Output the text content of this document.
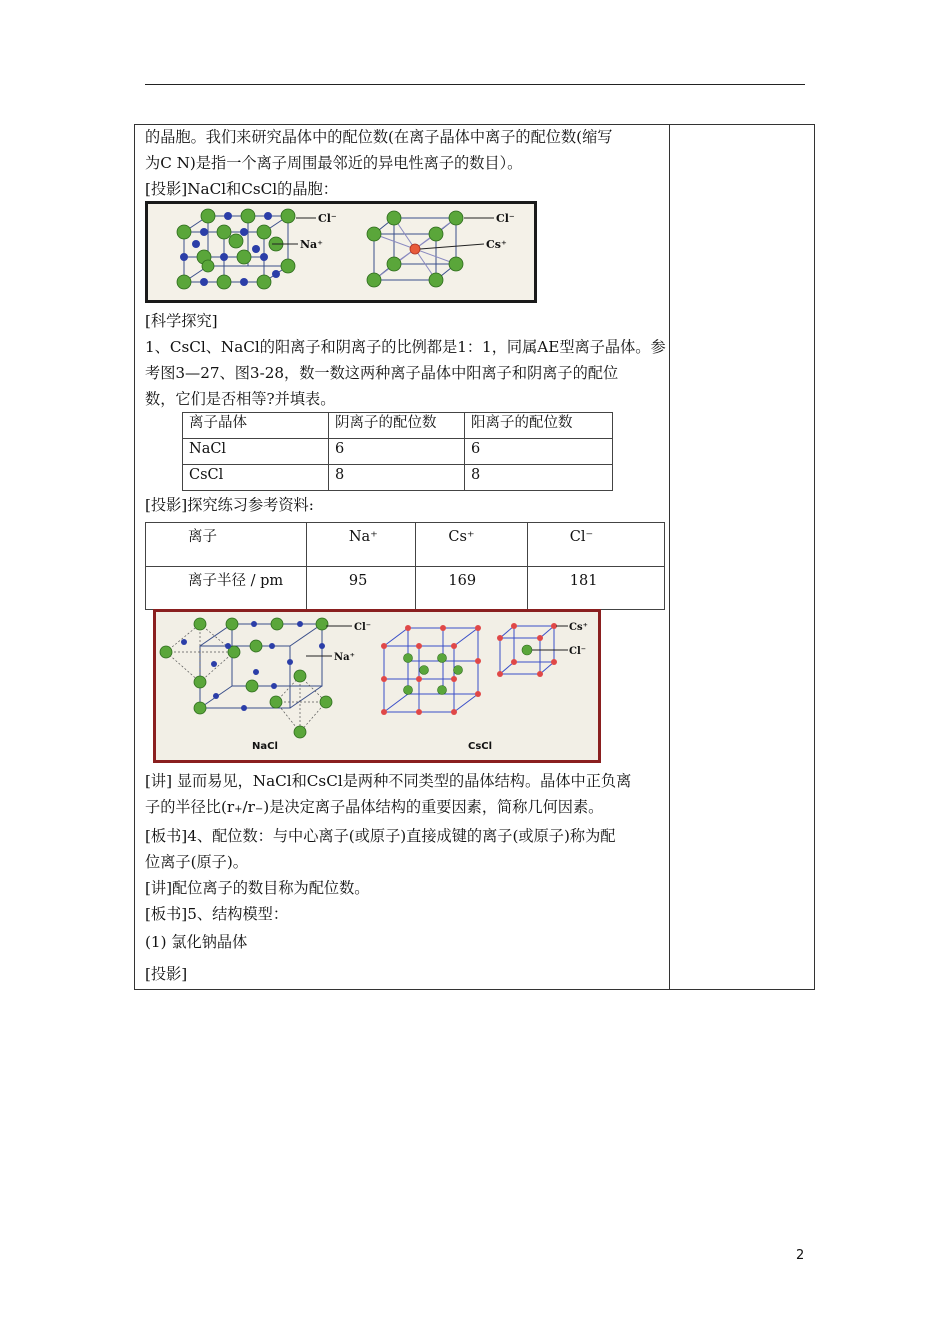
的晶胞。我们来研究晶体中的配位数(在离子晶体中离子的配位数(缩写
为C N)是指一个离子周围最邻近的异电性离子的数目）。
[投影]NaCl和CsCl的晶胞：
Cl⁻
Na⁺
Cl⁻
Cs⁺
[科学探究]
1、CsCl、NaCl的阳离子和阴离子的比例都是1：1，同属AE型离子晶体。参
考图3—27、图3-28，数一数这两种离子晶体中阳离子和阴离子的配位
数，它们是否相等?并填表。
离子晶体	阴离子的配位数	阳离子的配位数
NaCl	6	6
CsCl	8	8
[投影]探究练习参考资料:
离子	Na⁺	Cs⁺	Cl⁻
离子半径 / pm	95	169	181
Cl⁻
Na⁺
NaCl
Cs⁺
Cl⁻
CsCl
[讲] 显而易见，NaCl和CsCl是两种不同类型的晶体结构。晶体中正负离
子的半径比(r+/r−)是决定离子晶体结构的重要因素，简称几何因素。
[板书]4、配位数：与中心离子(或原子)直接成键的离子(或原子)称为配
位离子(原子)。
[讲]配位离子的数目称为配位数。
[板书]5、结构模型：
(1) 氯化钠晶体
[投影]
2
